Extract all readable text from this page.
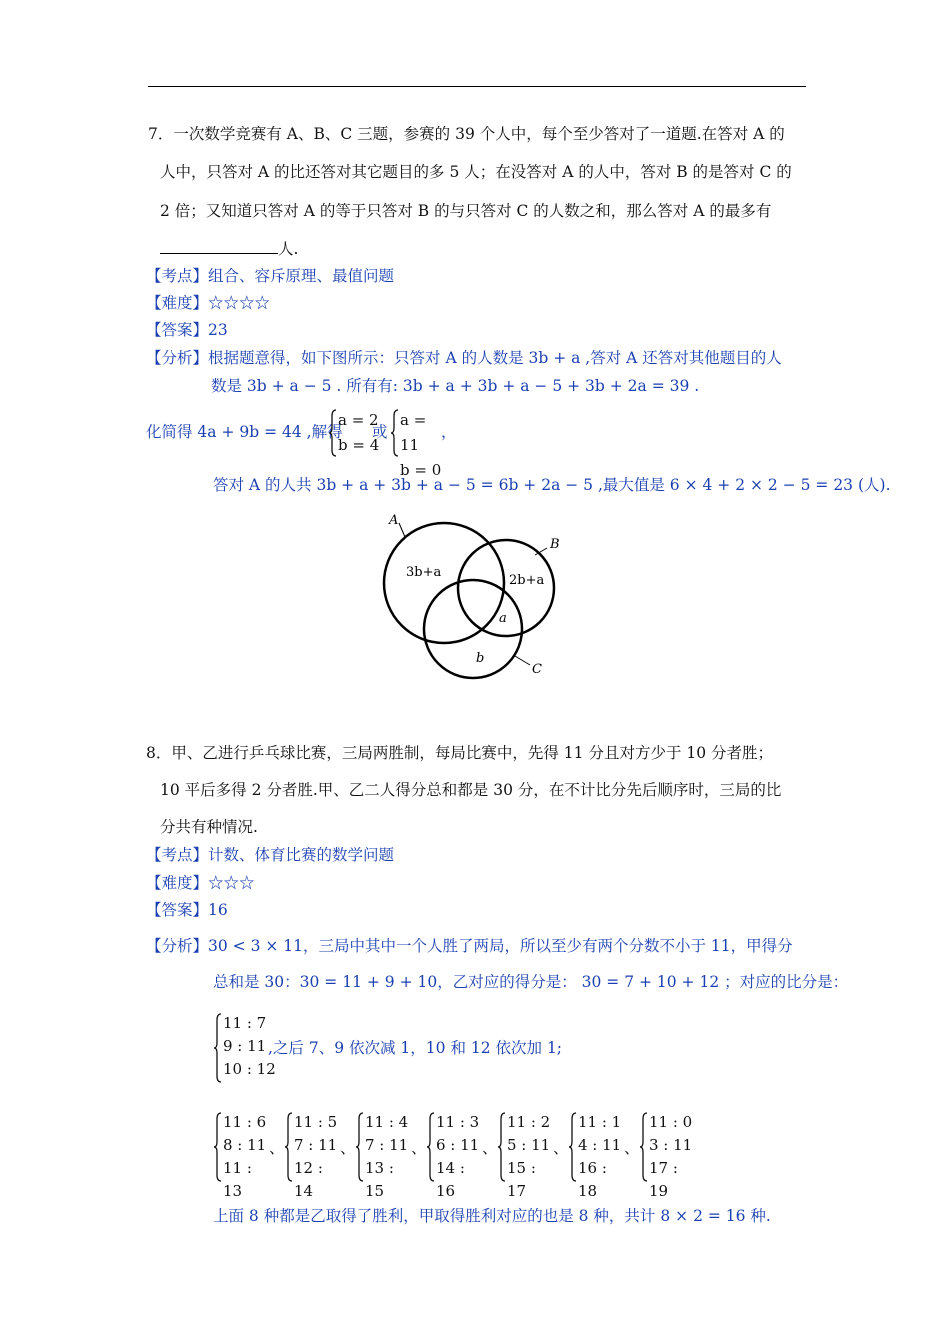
7．一次数学竞赛有 A、B、C 三题，参赛的 39 个人中，每个至少答对了一道题.在答对 A 的
人中，只答对 A 的比还答对其它题目的多 5 人；在没答对 A 的人中，答对 B 的是答对 C 的
2 倍；又知道只答对 A 的等于只答对 B 的与只答对 C 的人数之和，那么答对 A 的最多有
人.
【考点】组合、容斥原理、最值问题
【难度】☆☆☆☆
【答案】23
【分析】根据题意得，如下图所示：只答对 A 的人数是 3b + a ,答对 A 还答对其他题目的人
数是 3b + a − 5 . 所有有: 3b + a + 3b + a − 5 + 3b + 2a = 39 .
化简得 4a + 9b = 44 ,解得
a = 2
b = 4
或
a = 11
b = 0
，
答对 A 的人共 3b + a + 3b + a − 5 = 6b + 2a − 5 ,最大值是 6 × 4 + 2 × 2 − 5 = 23 (人).
A
B
C
3b+a
2b+a
a
b
8．甲、乙进行乒乓球比赛，三局两胜制，每局比赛中，先得 11 分且对方少于 10 分者胜；
10 平后多得 2 分者胜.甲、乙二人得分总和都是 30 分，在不计比分先后顺序时，三局的比
分共有种情况.
【考点】计数、体育比赛的数学问题
【难度】☆☆☆
【答案】16
【分析】30 < 3 × 11，三局中其中一个人胜了两局，所以至少有两个分数不小于 11，甲得分
总和是 30：30 = 11 + 9 + 10，乙对应的得分是： 30 = 7 + 10 + 12 ；对应的比分是：
11 : 7
9 : 11
10 : 12
,之后 7、9 依次减 1，10 和 12 依次加 1;
11 : 6
8 : 11
11 : 13
、
11 : 5
7 : 11
12 : 14
、
11 : 4
7 : 11
13 : 15
、
11 : 3
6 : 11
14 : 16
、
11 : 2
5 : 11
15 : 17
、
11 : 1
4 : 11
16 : 18
、
11 : 0
3 : 11
17 : 19
上面 8 种都是乙取得了胜利，甲取得胜利对应的也是 8 种，共计 8 × 2 = 16 种.
